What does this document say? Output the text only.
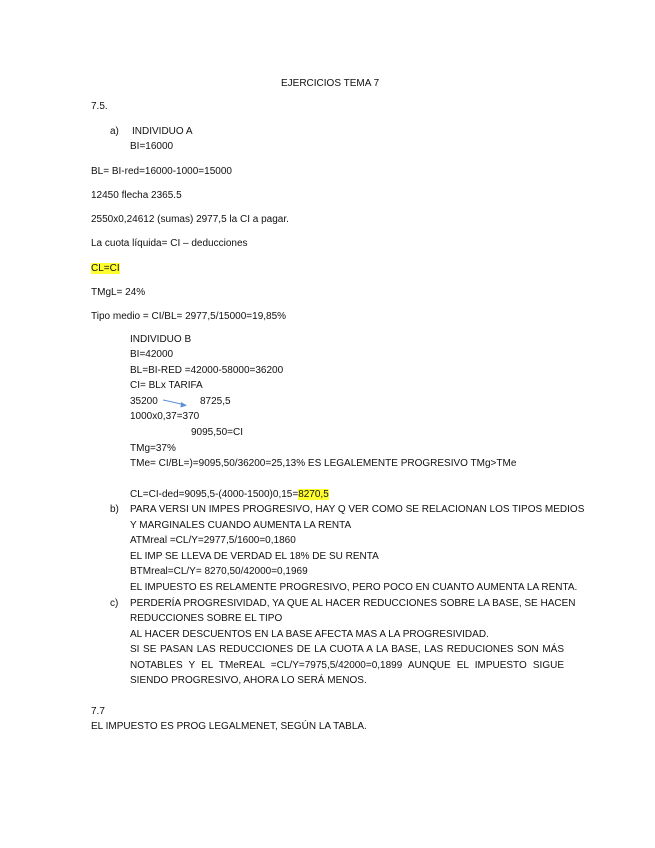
EJERCICIOS TEMA 7
7.5.
a) INDIVIDUO A
BI=16000
BL= BI-red=16000-1000=15000
12450 flecha 2365.5
2550x0,24612 (sumas) 2977,5 la CI a pagar.
La cuota líquida= CI – deducciones
CL=CI
TMgL= 24%
Tipo medio = CI/BL= 2977,5/15000=19,85%
INDIVIDUO B
BI=42000
BL=BI-RED =42000-58000=36200
CI= BLx TARIFA
35200	8725,5
1000x0,37=370
9095,50=CI
TMg=37%
TMe= CI/BL=)=9095,50/36200=25,13% ES LEGALEMENTE PROGRESIVO TMg>TMe
CL=CI-ded=9095,5-(4000-1500)0,15=8270,5
b) PARA VERSI UN IMPES PROGRESIVO, HAY Q VER COMO SE RELACIONAN LOS TIPOS MEDIOS
Y MARGINALES CUANDO AUMENTA LA RENTA
ATMreal =CL/Y=2977,5/1600=0,1860
EL IMP SE LLEVA DE VERDAD EL 18% DE SU RENTA
BTMreal=CL/Y= 8270,50/42000=0,1969
EL IMPUESTO ES RELAMENTE PROGRESIVO, PERO POCO EN CUANTO AUMENTA LA RENTA.
c) PERDERÍA PROGRESIVIDAD, YA QUE AL HACER REDUCCIONES SOBRE LA BASE, SE HACEN
REDUCCIONES SOBRE EL TIPO
AL HACER DESCUENTOS EN LA BASE AFECTA MAS A LA PROGRESIVIDAD.
SI SE PASAN LAS REDUCCIONES DE LA CUOTA A LA BASE, LAS REDUCIONES SON MÁS
NOTABLES Y EL TMeREAL =CL/Y=7975,5/42000=0,1899 AUNQUE EL IMPUESTO SIGUE
SIENDO PROGRESIVO, AHORA LO SERÁ MENOS.
7.7
EL IMPUESTO ES PROG LEGALMENET, SEGÚN LA TABLA.
